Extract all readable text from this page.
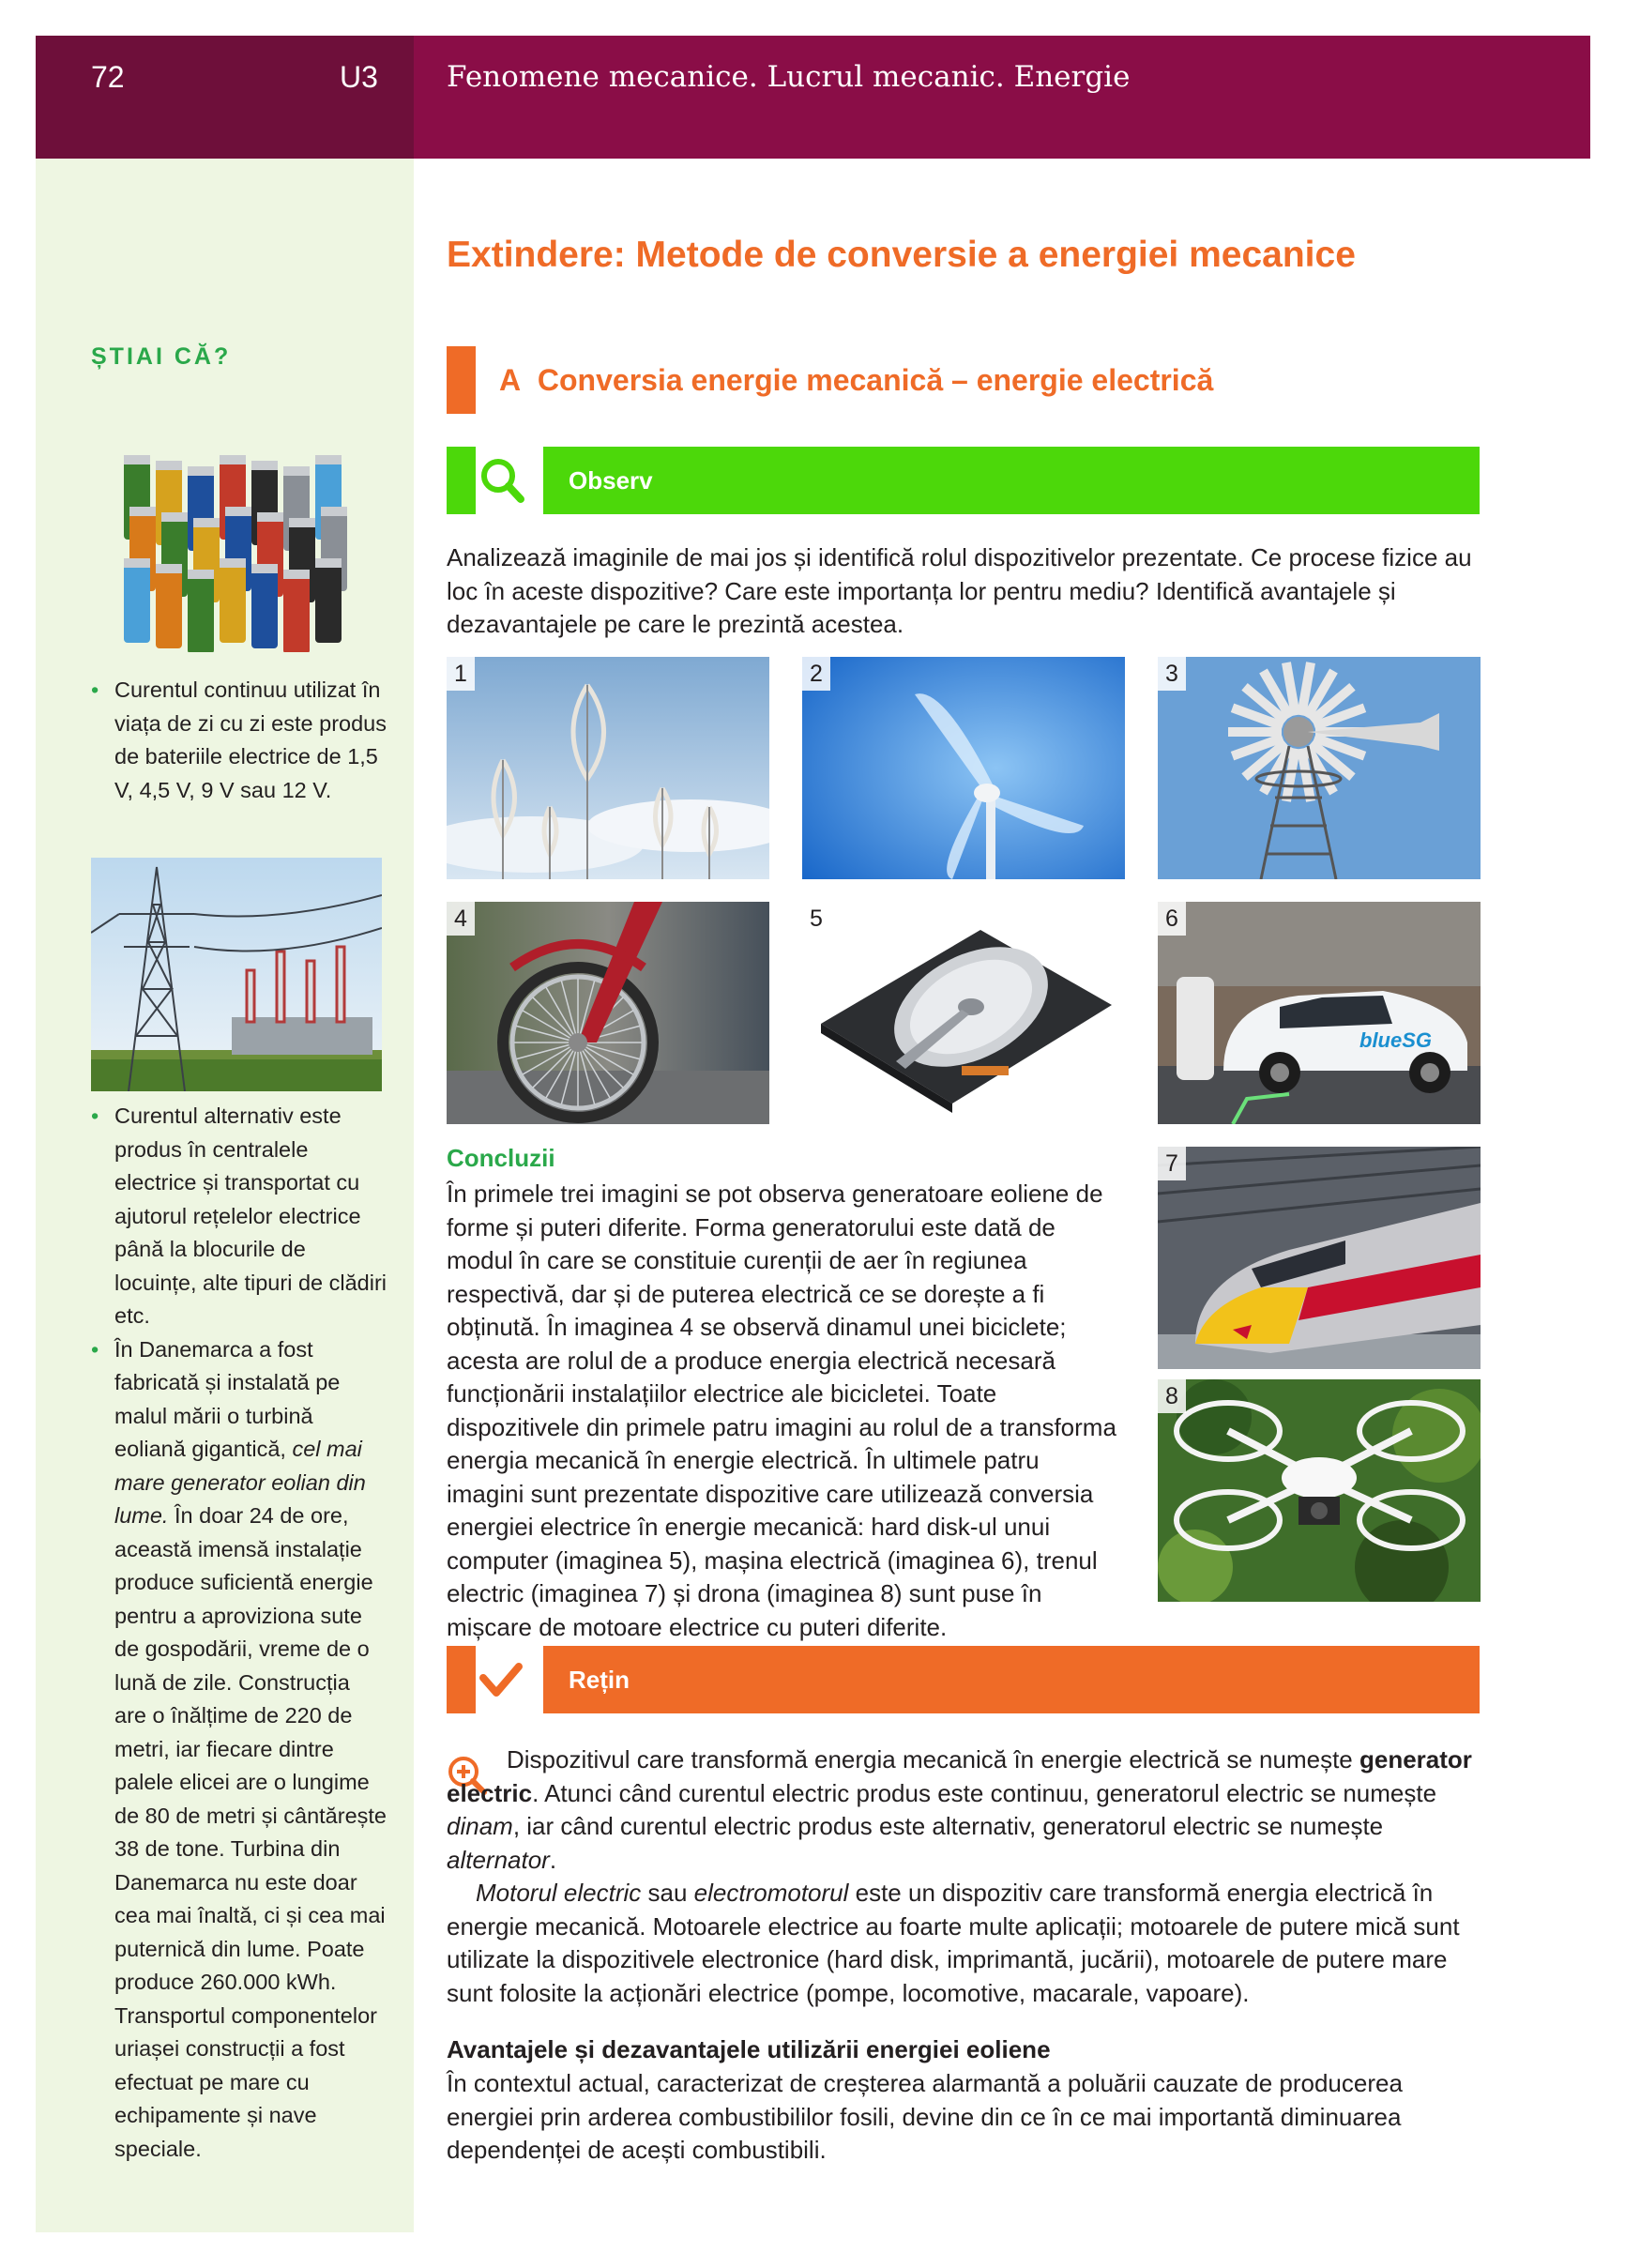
72	U3 Fenomene mecanice. Lucrul mecanic. Energie
ȘTIAI CĂ?
• Curentul continuu utilizat în viața de zi cu zi este produs de bateriile electrice de 1,5 V, 4,5 V, 9 V sau 12 V.
• Curentul alternativ este produs în centralele electrice și transportat cu ajutorul rețelelor electrice până la blocurile de locuințe, alte tipuri de clădiri etc.
• În Danemarca a fost fabricată și instalată pe malul mării o turbină eoliană gigantică, cel mai mare generator eolian din lume. În doar 24 de ore, această imensă instalație produce suficientă energie pentru a aproviziona sute de gospodării, vreme de o lună de zile. Construcția are o înălțime de 220 de metri, iar fiecare dintre palele elicei are o lungime de 80 de metri și cântărește 38 de tone. Turbina din Danemarca nu este doar cea mai înaltă, ci și cea mai puternică din lume. Poate produce 260.000 kWh. Transportul componentelor uriașei construcții a fost efectuat pe mare cu echipamente și nave speciale.
Extindere: Metode de conversie a energiei mecanice
A Conversia energie mecanică – energie electrică
Observ

Analizează imaginile de mai jos și identifică rolul dispozitivelor prezentate. Ce procese fizice au loc în aceste dispozitive? Care este importanța lor pentru mediu? Identifică avantajele și dezavantajele pe care le prezintă acestea.

1	2	3
4	5
blueSG
6
Concluzii

În primele trei imagini se pot observa generatoare eoliene de forme și puteri diferite. Forma generatorului este dată de modul în care se constituie curenții de aer în regiunea respectivă, dar și de puterea electrică ce se dorește a fi obținută. În imaginea 4 se observă dinamul unei biciclete; acesta are rolul de a produce energia electrică necesară funcționării instalațiilor electrice ale bicicletei. Toate dispozitivele din primele patru imagini au rolul de a transforma energia mecanică în energie electrică. În ultimele patru imagini sunt prezentate dispozitive care utilizează conversia energiei electrice în energie mecanică: hard disk-ul unui computer (imaginea 5), mașina electrică (imaginea 6), trenul electric (imaginea 7) și drona (imaginea 8) sunt puse în mișcare de motoare electrice cu puteri diferite.

7
8
Rețin

Dispozitivul care transformă energia mecanică în energie electrică se numește generator electric. Atunci când curentul electric produs este continuu, generatorul electric se numește dinam, iar când curentul electric produs este alternativ, generatorul electric se numește alternator.

Motorul electric sau electromotorul este un dispozitiv care transformă energia electrică în energie mecanică. Motoarele electrice au foarte multe aplicații; motoarele de putere mică sunt utilizate la dispozitivele electronice (hard disk, imprimantă, jucării), motoarele de putere mare sunt folosite la acționări electrice (pompe, locomotive, macarale, vapoare).

Avantajele și dezavantajele utilizării energiei eoliene

În contextul actual, caracterizat de creșterea alarmantă a poluării cauzate de producerea energiei prin arderea combustibililor fosili, devine din ce în ce mai importantă diminuarea dependenței de acești combustibili.
